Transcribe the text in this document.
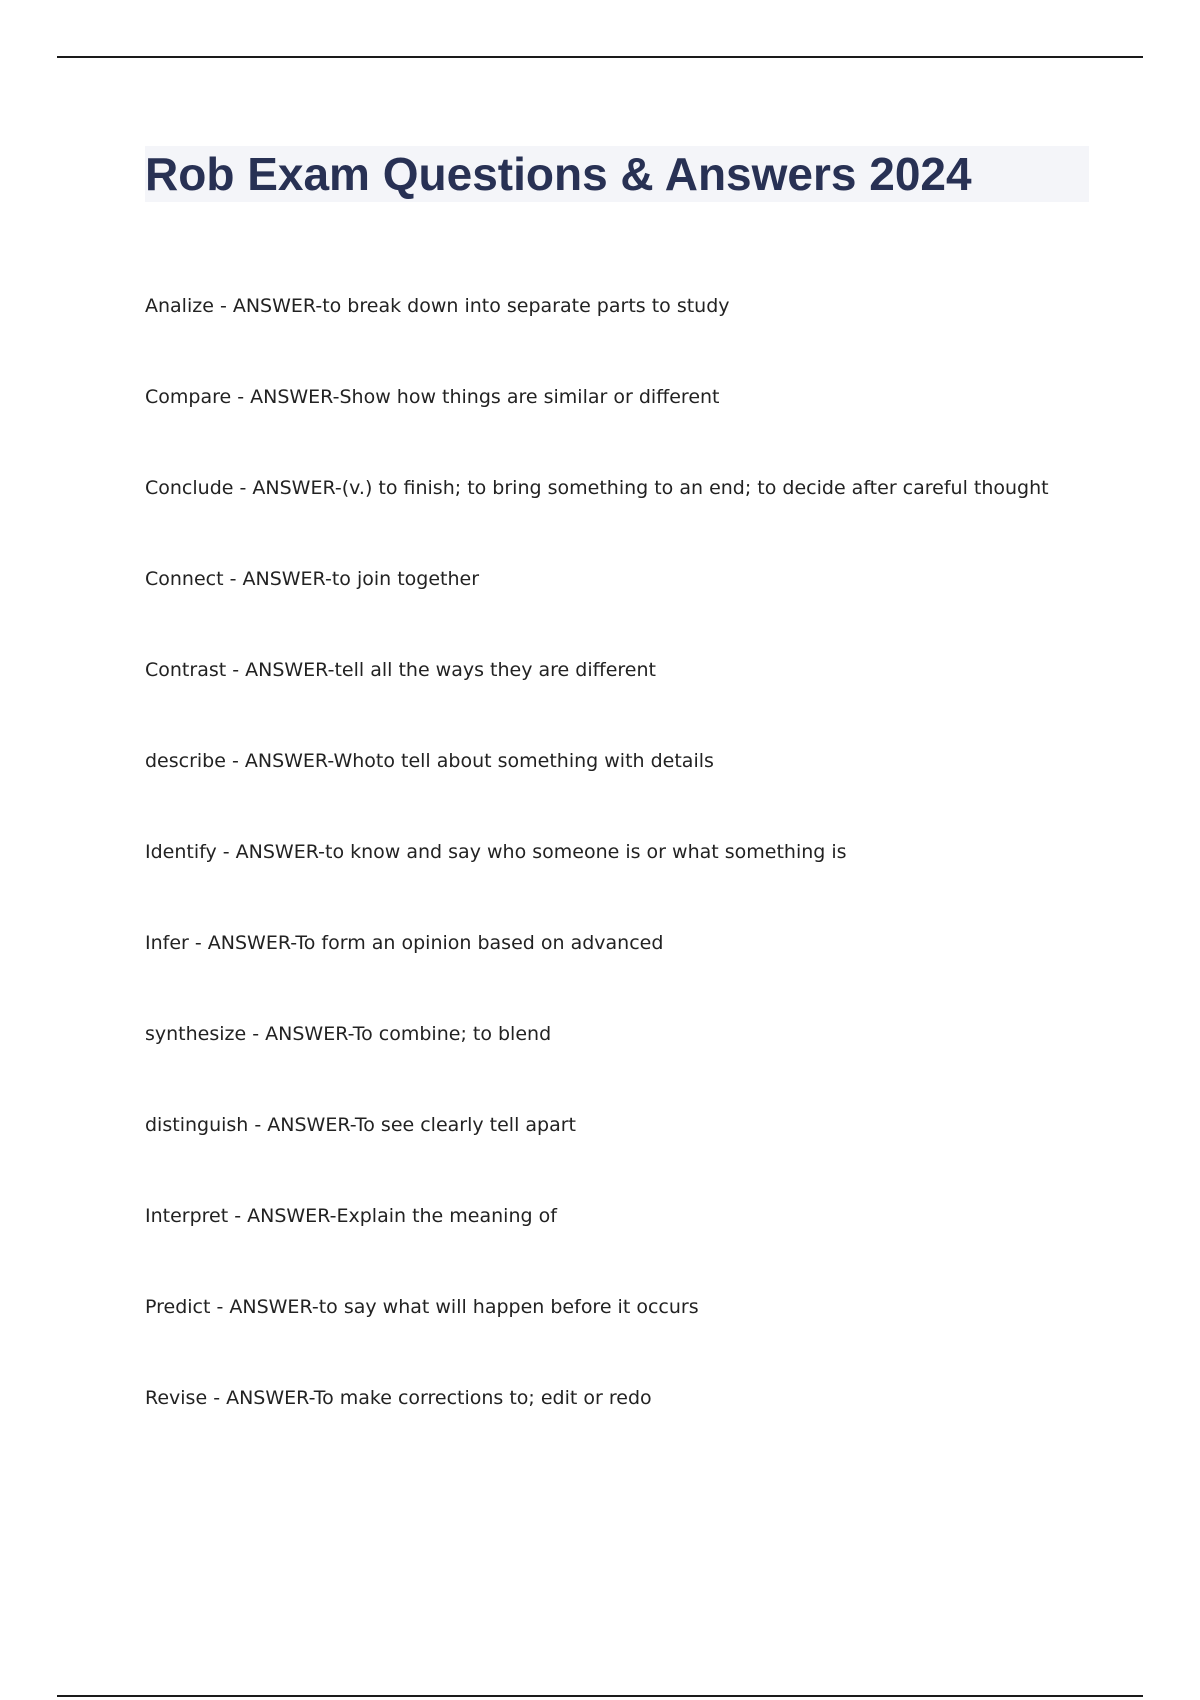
Rob Exam Questions & Answers 2024
Analize - ANSWER-to break down into separate parts to study
Compare - ANSWER-Show how things are similar or different
Conclude - ANSWER-(v.) to finish; to bring something to an end; to decide after careful thought
Connect - ANSWER-to join together
Contrast - ANSWER-tell all the ways they are different
describe - ANSWER-Whoto tell about something with details
Identify - ANSWER-to know and say who someone is or what something is
Infer - ANSWER-To form an opinion based on advanced
synthesize - ANSWER-To combine; to blend
distinguish - ANSWER-To see clearly tell apart
Interpret - ANSWER-Explain the meaning of
Predict - ANSWER-to say what will happen before it occurs
Revise - ANSWER-To make corrections to; edit or redo
